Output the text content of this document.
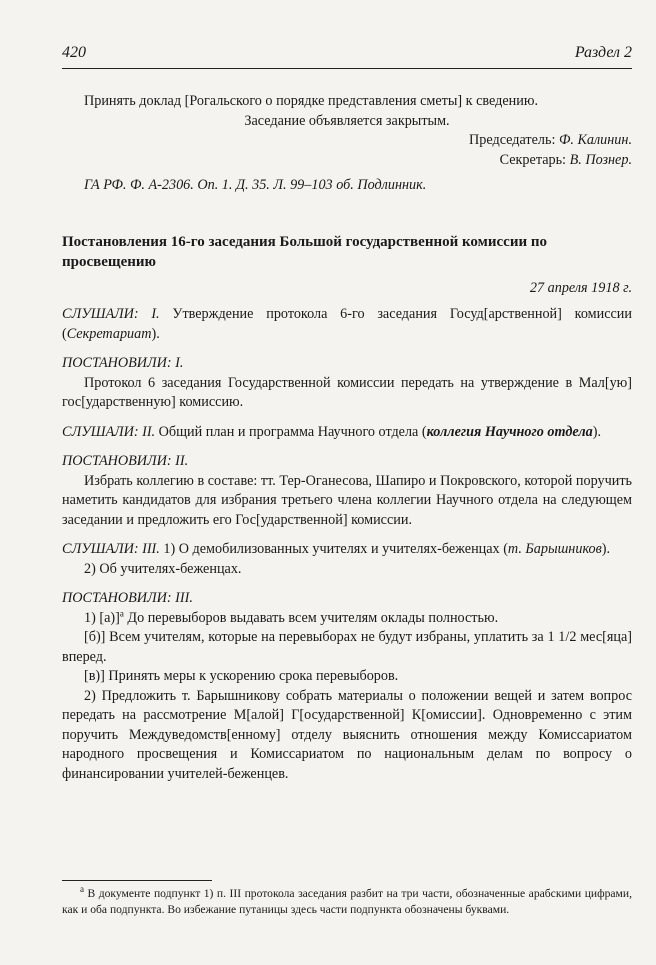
420	Раздел 2

Принять доклад [Рогальского о порядке представления сметы] к сведению.

Заседание объявляется закрытым.

Председатель: Ф. Калинин.

Секретарь: В. Познер.

ГА РФ. Ф. А-2306. Оп. 1. Д. 35. Л. 99–103 об. Подлинник.

Постановления 16-го заседания Большой государственной комиссии по просвещению

27 апреля 1918 г.

СЛУШАЛИ: I. Утверждение протокола 6-го заседания Госуд[арственной] комиссии (Секретариат).

ПОСТАНОВИЛИ: I.

Протокол 6 заседания Государственной комиссии передать на утверждение в Мал[ую] гос[ударственную] комиссию.

СЛУШАЛИ: II. Общий план и программа Научного отдела (коллегия Научного отдела).

ПОСТАНОВИЛИ: II.

Избрать коллегию в составе: тт. Тер-Оганесова, Шапиро и Покровского, которой поручить наметить кандидатов для избрания третьего члена коллегии Научного отдела на следующем заседании и предложить его Гос[ударственной] комиссии.

СЛУШАЛИ: III. 1) О демобилизованных учителях и учителях-беженцах (т. Барышников).

2) Об учителях-беженцах.

ПОСТАНОВИЛИ: III.

1) $[а)]^а$ До перевыборов выдавать всем учителям оклады полностью.

[б)] Всем учителям, которые на перевыборах не будут избраны, уплатить за 1 1/2 мес[яца] вперед.

[в)] Принять меры к ускорению срока перевыборов.

2) Предложить т. Барышникову собрать материалы о положении вещей и затем вопрос передать на рассмотрение М[алой] Г[осударственной] К[омиссии]. Одновременно с этим поручить Междуведомств[енному] отделу выяснить отношения между Комиссариатом народного просвещения и Комиссариатом по национальным делам по вопросу о финансировании учителей-беженцев.

$^а$ В документе подпункт 1) п. III протокола заседания разбит на три части, обозначенные арабскими цифрами, как и оба подпункта. Во избежание путаницы здесь части подпункта обозначены буквами.
